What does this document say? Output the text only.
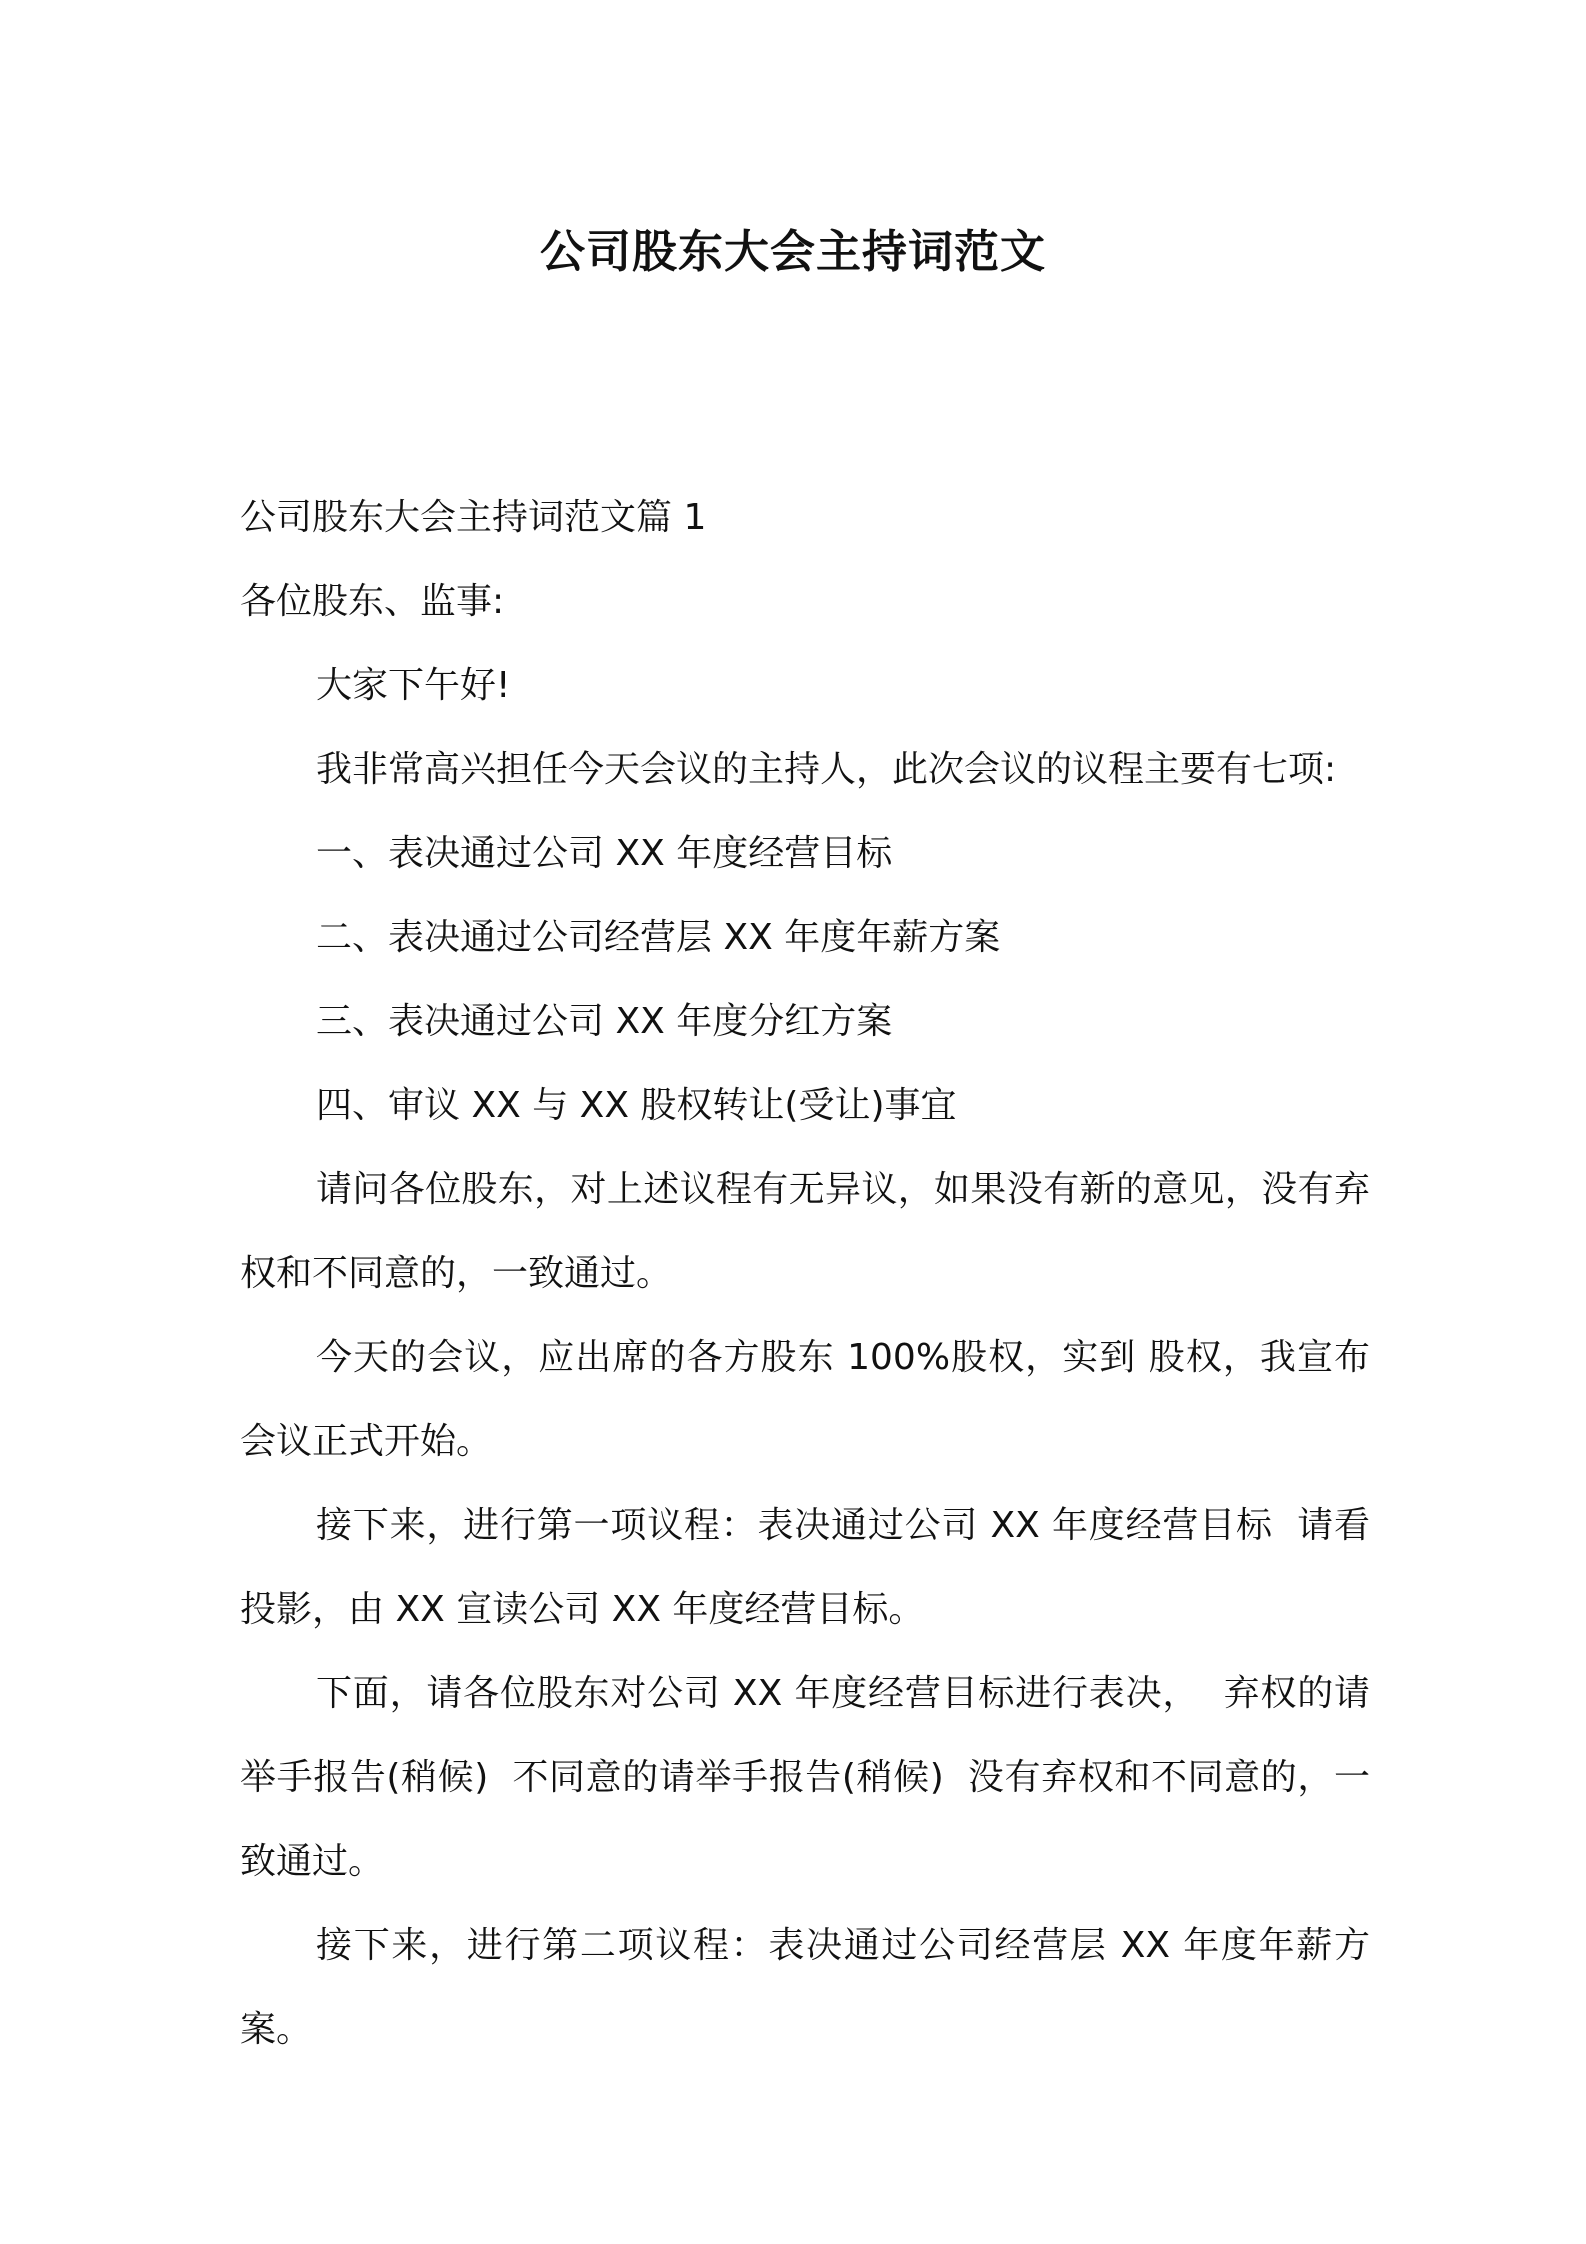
公司股东大会主持词范文

公司股东大会主持词范文篇 1

各位股东、监事:

大家下午好!

我非常高兴担任今天会议的主持人，此次会议的议程主要有七项:

一、表决通过公司 XX 年度经营目标

二、表决通过公司经营层 XX 年度年薪方案

三、表决通过公司 XX 年度分红方案

四、审议 XX 与 XX 股权转让(受让)事宜

请问各位股东，对上述议程有无异议，如果没有新的意见，没有弃权和不同意的，一致通过。

今天的会议，应出席的各方股东 100%股权，实到 股权，我宣布会议正式开始。

接下来，进行第一项议程：表决通过公司 XX 年度经营目标  请看投影，由 XX 宣读公司 XX 年度经营目标。

下面，请各位股东对公司 XX 年度经营目标进行表决，  弃权的请举手报告(稍候)  不同意的请举手报告(稍候)  没有弃权和不同意的，一致通过。

接下来，进行第二项议程：表决通过公司经营层 XX 年度年薪方案。
